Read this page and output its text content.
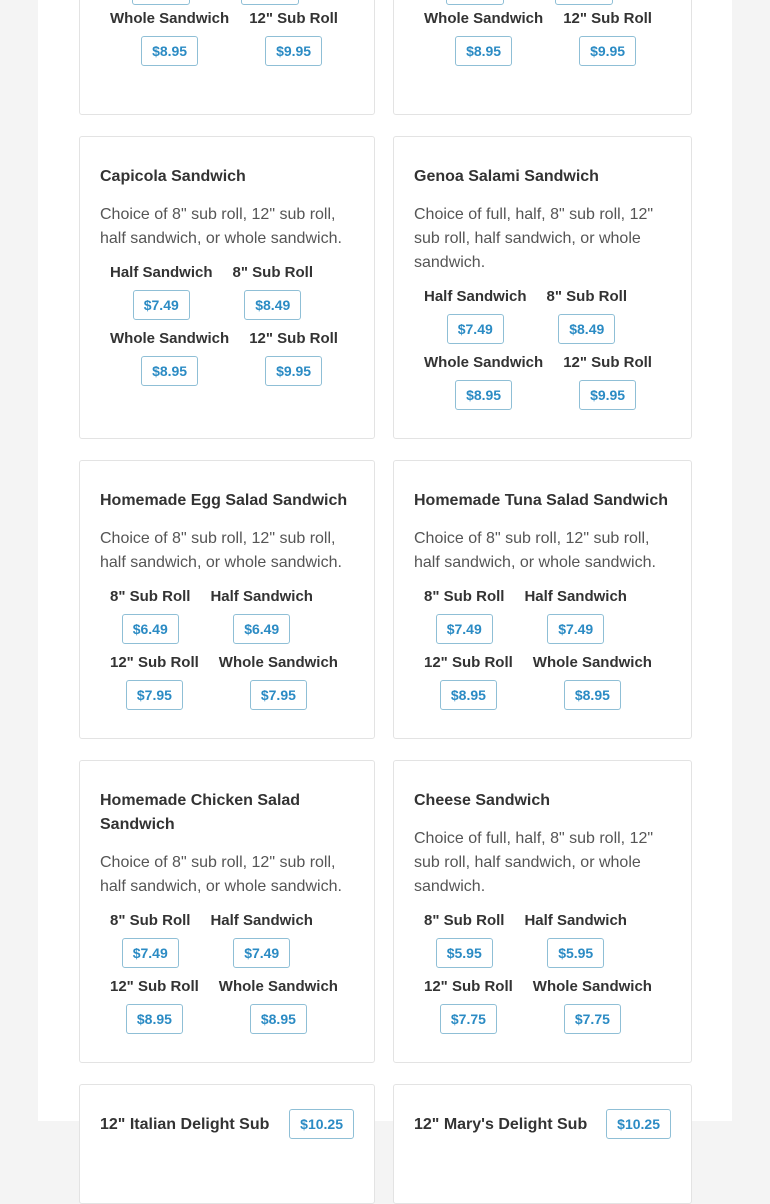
Whole Sandwich
$8.95
12" Sub Roll
$9.95
Whole Sandwich
$8.95
12" Sub Roll
$9.95
Capicola Sandwich
Choice of 8" sub roll, 12" sub roll, half sandwich, or whole sandwich.
Half Sandwich
$7.49
8" Sub Roll
$8.49
Whole Sandwich
$8.95
12" Sub Roll
$9.95
Genoa Salami Sandwich
Choice of full, half, 8" sub roll, 12" sub roll, half sandwich, or whole sandwich.
Half Sandwich
$7.49
8" Sub Roll
$8.49
Whole Sandwich
$8.95
12" Sub Roll
$9.95
Homemade Egg Salad Sandwich
Choice of 8" sub roll, 12" sub roll, half sandwich, or whole sandwich.
8" Sub Roll
$6.49
Half Sandwich
$6.49
12" Sub Roll
$7.95
Whole Sandwich
$7.95
Homemade Tuna Salad Sandwich
Choice of 8" sub roll, 12" sub roll, half sandwich, or whole sandwich.
8" Sub Roll
$7.49
Half Sandwich
$7.49
12" Sub Roll
$8.95
Whole Sandwich
$8.95
Homemade Chicken Salad Sandwich
Choice of 8" sub roll, 12" sub roll, half sandwich, or whole sandwich.
8" Sub Roll
$7.49
Half Sandwich
$7.49
12" Sub Roll
$8.95
Whole Sandwich
$8.95
Cheese Sandwich
Choice of full, half, 8" sub roll, 12" sub roll, half sandwich, or whole sandwich.
8" Sub Roll
$5.95
Half Sandwich
$5.95
12" Sub Roll
$7.75
Whole Sandwich
$7.75
12" Italian Delight Sub	$10.25	12" Mary's Delight Sub	$10.25
